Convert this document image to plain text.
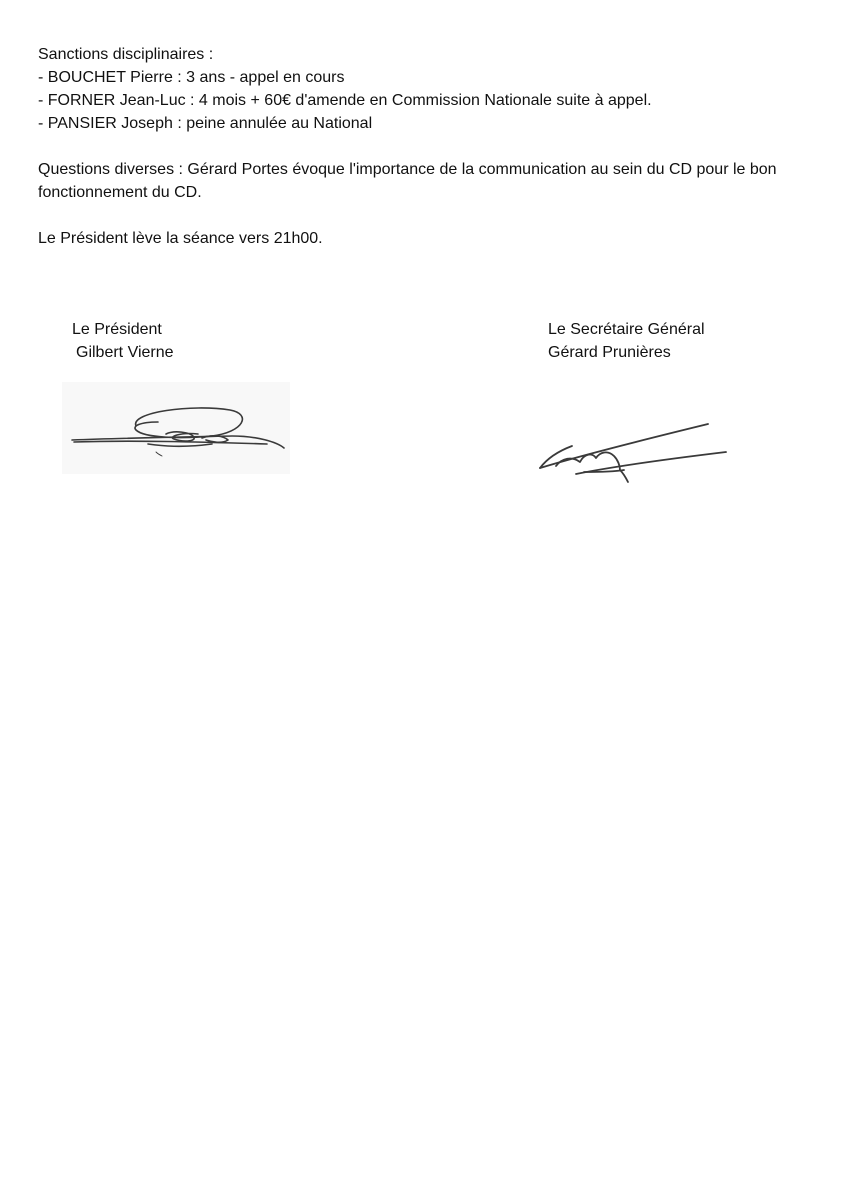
Sanctions disciplinaires :
- BOUCHET Pierre : 3 ans - appel en cours
- FORNER Jean-Luc : 4 mois + 60€ d'amende en Commission Nationale suite à appel.
- PANSIER Joseph : peine annulée au National
Questions diverses : Gérard Portes évoque l'importance de la communication au sein du CD pour le bon
fonctionnement du CD.
Le Président lève la séance vers 21h00.
Le Président
Gilbert Vierne
Le Secrétaire Général
Gérard Prunières
